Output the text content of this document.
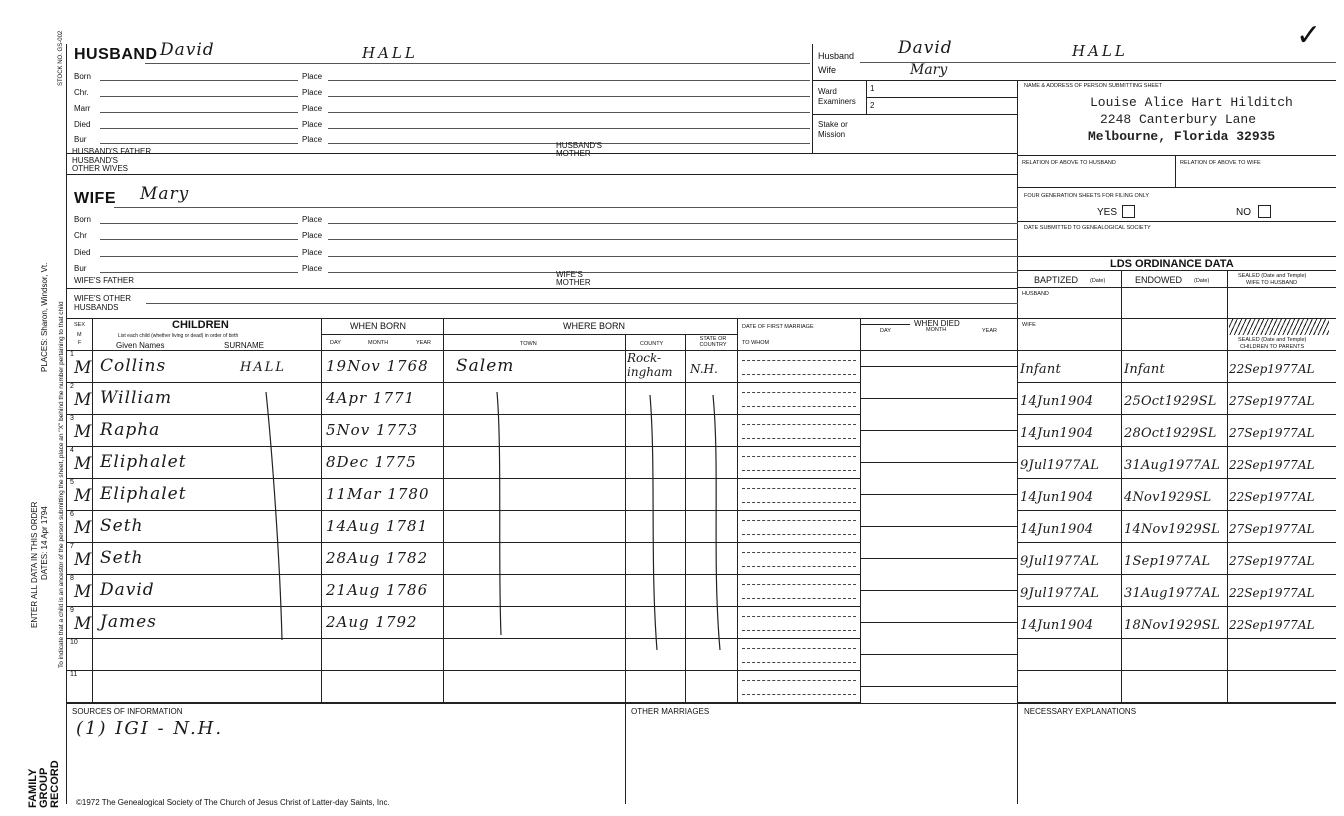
STOCK NO. GS-002
PLACES: Sharon, Windsor, Vt. To indicate that a child is an ancestor of the person submitting the sheet, place an "X" behind the number pertaining to that child
ENTER ALL DATA IN THIS ORDER DATES: 14 Apr 1794
FAMILY GROUP RECORD
✓
HUSBAND David	HALL
Born	Place
Chr.	Place
Marr	Place
Died	Place
Bur	Place
HUSBAND'S FATHER
HUSBAND'S MOTHER
HUSBAND'S OTHER WIVES
Husband	David	HALL
Wife	Mary
Ward
Examiners
1
2
Stake or
Mission
NAME & ADDRESS OF PERSON SUBMITTING SHEET
Louise Alice Hart Hilditch
2248 Canterbury Lane
Melbourne, Florida 32935
RELATION OF ABOVE TO HUSBAND	RELATION OF ABOVE TO WIFE
FOUR GENERATION SHEETS FOR FILING ONLY
YES	NO
DATE SUBMITTED TO GENEALOGICAL SOCIETY
LDS ORDINANCE DATA
BAPTIZED (Date)	ENDOWED (Date)
SEALED (Date and Temple)
WIFE TO HUSBAND
HUSBAND
WIFE
SEALED (Date and Temple)
CHILDREN TO PARENTS
WIFE Mary
Born	Place
Chr	Place
Died	Place
Bur	Place
WIFE'S FATHER
WIFE'S MOTHER
WIFE'S OTHER HUSBANDS
SEX
M
F
CHILDREN
List each child (whether living or dead) in order of birth
Given Names	SURNAME
WHEN BORN
DAY	MONTH	YEAR
WHERE BORN
TOWN	COUNTY
STATE OR COUNTRY
DATE OF FIRST MARRIAGE
TO WHOM
WHEN DIED
DAY	MONTH	YEAR
1
M Collins	HALL	19Nov 1768 Salem	Rock-ingham	N.H.	Infant	Infant	22Sep1977AL
2
M William	4Apr 1771	14Jun1904 25Oct1929SL 27Sep1977AL
3
M Rapha	5Nov 1773	14Jun1904 28Oct1929SL 27Sep1977AL
4
M Eliphalet	8Dec 1775	9Jul1977AL 31Aug1977AL 22Sep1977AL
5
M Eliphalet	11Mar 1780	14Jun1904 4Nov1929SL 22Sep1977AL
6
M Seth	14Aug 1781	14Jun1904 14Nov1929SL 27Sep1977AL
7
M Seth	28Aug 1782	9Jul1977AL 1Sep1977AL 27Sep1977AL
8
M David	21Aug 1786	9Jul1977AL 31Aug1977AL 22Sep1977AL
9
M James	2Aug 1792	14Jun1904 18Nov1929SL 22Sep1977AL
10
11
SOURCES OF INFORMATION
(1) IGI - N.H.
OTHER MARRIAGES	NECESSARY EXPLANATIONS
©1972 The Genealogical Society of The Church of Jesus Christ of Latter-day Saints, Inc.
